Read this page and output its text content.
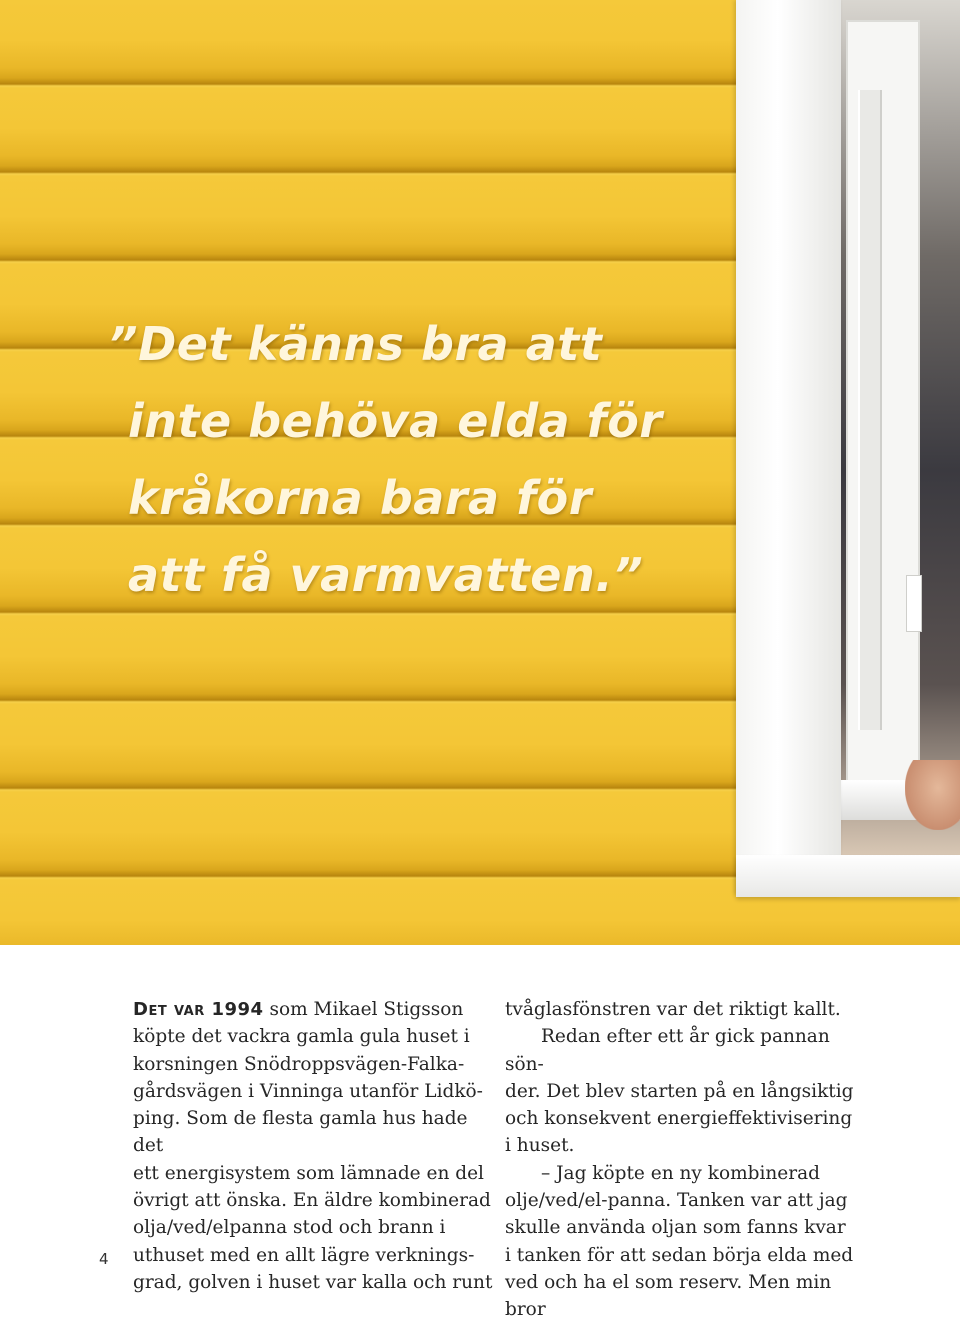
”Det känns bra att
inte behöva elda för
kråkorna bara för
att få varmvatten.”

Det var 1994 som Mikael Stigsson

köpte det vackra gamla gula huset i

korsningen Snödroppsvägen-Falka-

gårdsvägen i Vinninga utanför Lidkö-

ping. Som de flesta gamla hus hade det

ett energisystem som lämnade en del

övrigt att önska. En äldre kombinerad

olja/ved/elpanna stod och brann i

uthuset med en allt lägre verknings-

grad, golven i huset var kalla och runt

tvåglasfönstren var det riktigt kallt.

Redan efter ett år gick pannan sön-

der. Det blev starten på en långsiktig

och konsekvent energieffektivisering

i huset.

– Jag köpte en ny kombinerad

olje/ved/el-panna. Tanken var att jag

skulle använda oljan som fanns kvar

i tanken för att sedan börja elda med

ved och ha el som reserv. Men min bror

4
